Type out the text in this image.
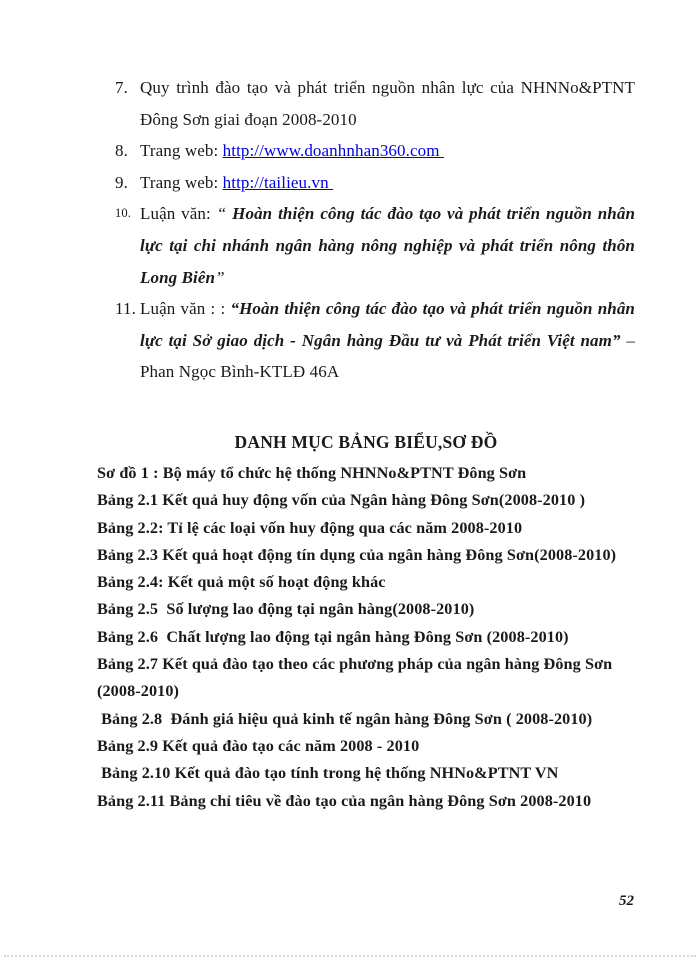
7. Quy trình đào tạo và phát triển nguồn nhân lực của NHNNo&PTNT Đông Sơn giai đoạn 2008-2010
8. Trang web: http://www.doanhnhan360.com
9. Trang web: http://tailieu.vn
10. Luận văn: “ Hoàn thiện công tác đào tạo và phát triển nguồn nhân lực tại chi nhánh ngân hàng nông nghiệp và phát triển nông thôn Long Biên”
11. Luận văn : : “Hoàn thiện công tác đào tạo và phát triển nguồn nhân lực tại Sở giao dịch - Ngân hàng Đầu tư và Phát triển Việt nam” – Phan Ngọc Bình-KTLĐ 46A
DANH MỤC BẢNG BIỂU,SƠ ĐỒ
Sơ đồ 1 : Bộ máy tổ chức hệ thống NHNNo&PTNT Đông Sơn
Bảng 2.1 Kết quả huy động vốn của Ngân hàng Đông Sơn(2008-2010 )
Bảng 2.2: Tỉ lệ các loại vốn huy động qua các năm 2008-2010
Bảng 2.3 Kết quả hoạt động tín dụng của ngân hàng Đông Sơn(2008-2010)
Bảng 2.4: Kết quả một số hoạt động khác
Bảng 2.5  Số lượng lao động tại ngân hàng(2008-2010)
Bảng 2.6  Chất lượng lao động tại ngân hàng Đông Sơn (2008-2010)
Bảng 2.7 Kết quả đào tạo theo các phương pháp của ngân hàng Đông Sơn (2008-2010)
Bảng 2.8  Đánh giá hiệu quả kinh tế ngân hàng Đông Sơn ( 2008-2010)
Bảng 2.9 Kết quả đào tạo các năm 2008 - 2010
Bảng 2.10 Kết quả đào tạo tính trong hệ thống NHNo&PTNT VN
Bảng 2.11 Bảng chỉ tiêu về đào tạo của ngân hàng Đông Sơn 2008-2010
52
